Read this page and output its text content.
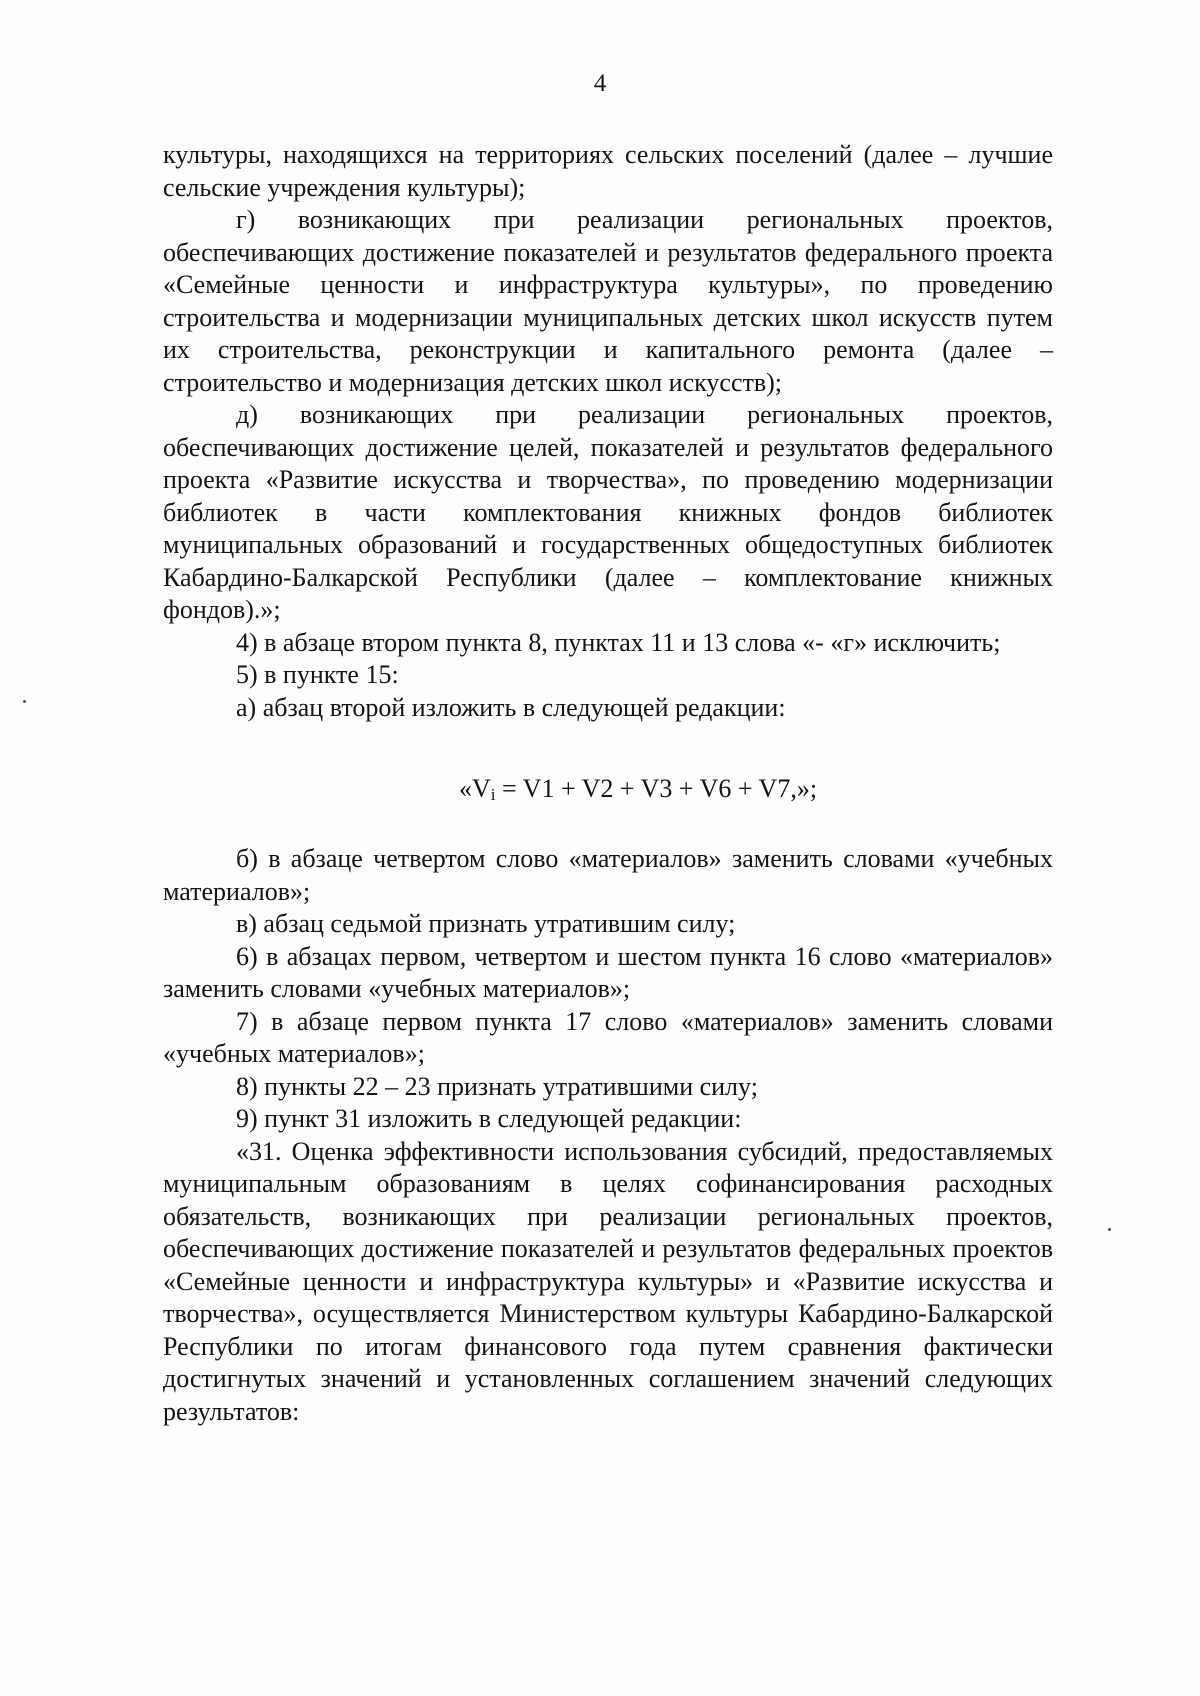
4

культуры, находящихся на территориях сельских поселений (далее – лучшие сельские учреждения культуры);

г) возникающих при реализации региональных проектов, обеспечивающих достижение показателей и результатов федерального проекта «Семейные ценности и инфраструктура культуры», по проведению строительства и модернизации муниципальных детских школ искусств путем их строительства, реконструкции и капитального ремонта (далее – строительство и модернизация детских школ искусств);

д) возникающих при реализации региональных проектов, обеспечивающих достижение целей, показателей и результатов федерального проекта «Развитие искусства и творчества», по проведению модернизации библиотек в части комплектования книжных фондов библиотек муниципальных образований и государственных общедоступных библиотек Кабардино-Балкарской Республики (далее – комплектование книжных фондов).»;

4) в абзаце втором пункта 8, пунктах 11 и 13 слова «- «г» исключить;

5) в пункте 15:

а) абзац второй изложить в следующей редакции:

«$V_i = V1 + V2 + V3 + V6 + V7$,»;

б) в абзаце четвертом слово «материалов» заменить словами «учебных материалов»;

в) абзац седьмой признать утратившим силу;

6) в абзацах первом, четвертом и шестом пункта 16 слово «материалов» заменить словами «учебных материалов»;

7) в абзаце первом пункта 17 слово «материалов» заменить словами «учебных материалов»;

8) пункты 22 – 23 признать утратившими силу;

9) пункт 31 изложить в следующей редакции:

«31. Оценка эффективности использования субсидий, предоставляемых муниципальным образованиям в целях софинансирования расходных обязательств, возникающих при реализации региональных проектов, обеспечивающих достижение показателей и результатов федеральных проектов «Семейные ценности и инфраструктура культуры» и «Развитие искусства и творчества», осуществляется Министерством культуры Кабардино-Балкарской Республики по итогам финансового года путем сравнения фактически достигнутых значений и установленных соглашением значений следующих результатов:
